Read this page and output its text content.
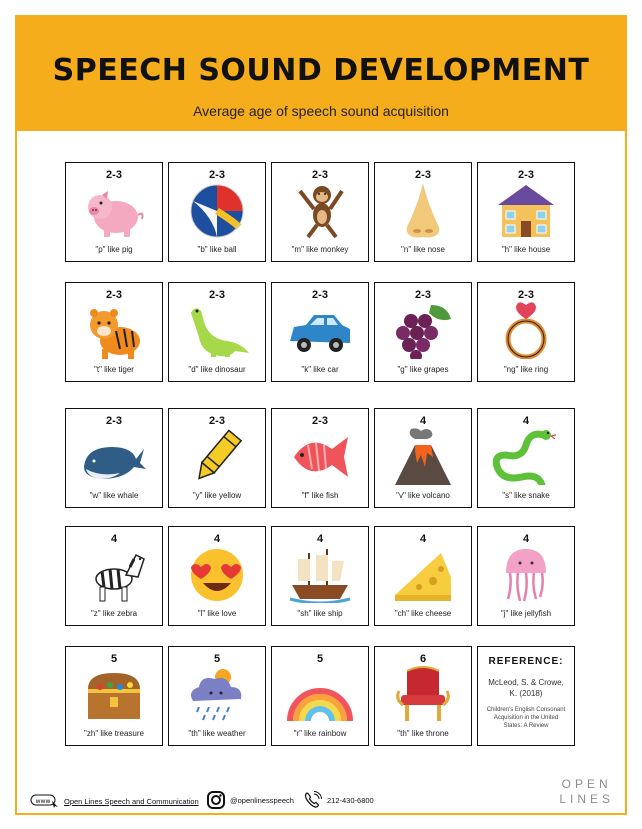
SPEECH SOUND DEVELOPMENT
Average age of speech sound acquisition
2-3
"p" like pig
2-3
"b" like ball
2-3
"m" like monkey
2-3
"n" like nose
2-3
"h" like house
2-3
"t" like tiger
2-3
"d" like dinosaur
2-3
"k" like car
2-3
"g" like grapes
2-3
"ng" like ring
2-3
"w" like whale
2-3
"y" like yellow
2-3
"f" like fish
4
"v" like volcano
4
"s" like snake
4
"z" like zebra
4
"l" like love
4
"sh" like ship
4
"ch" like cheese
4
"j" like jellyfish
5
"zh" like treasure
5
"th" like weather
5
"r" like rainbow
6
"th" like throne
REFERENCE:
McLeod, S. & Crowe,
K. (2018)
Children's English Consonant Acquisition in the United States: A Review
www Open Lines Speech and Communication	@openlinesspeech	212-430-6800
OPEN
LINES
